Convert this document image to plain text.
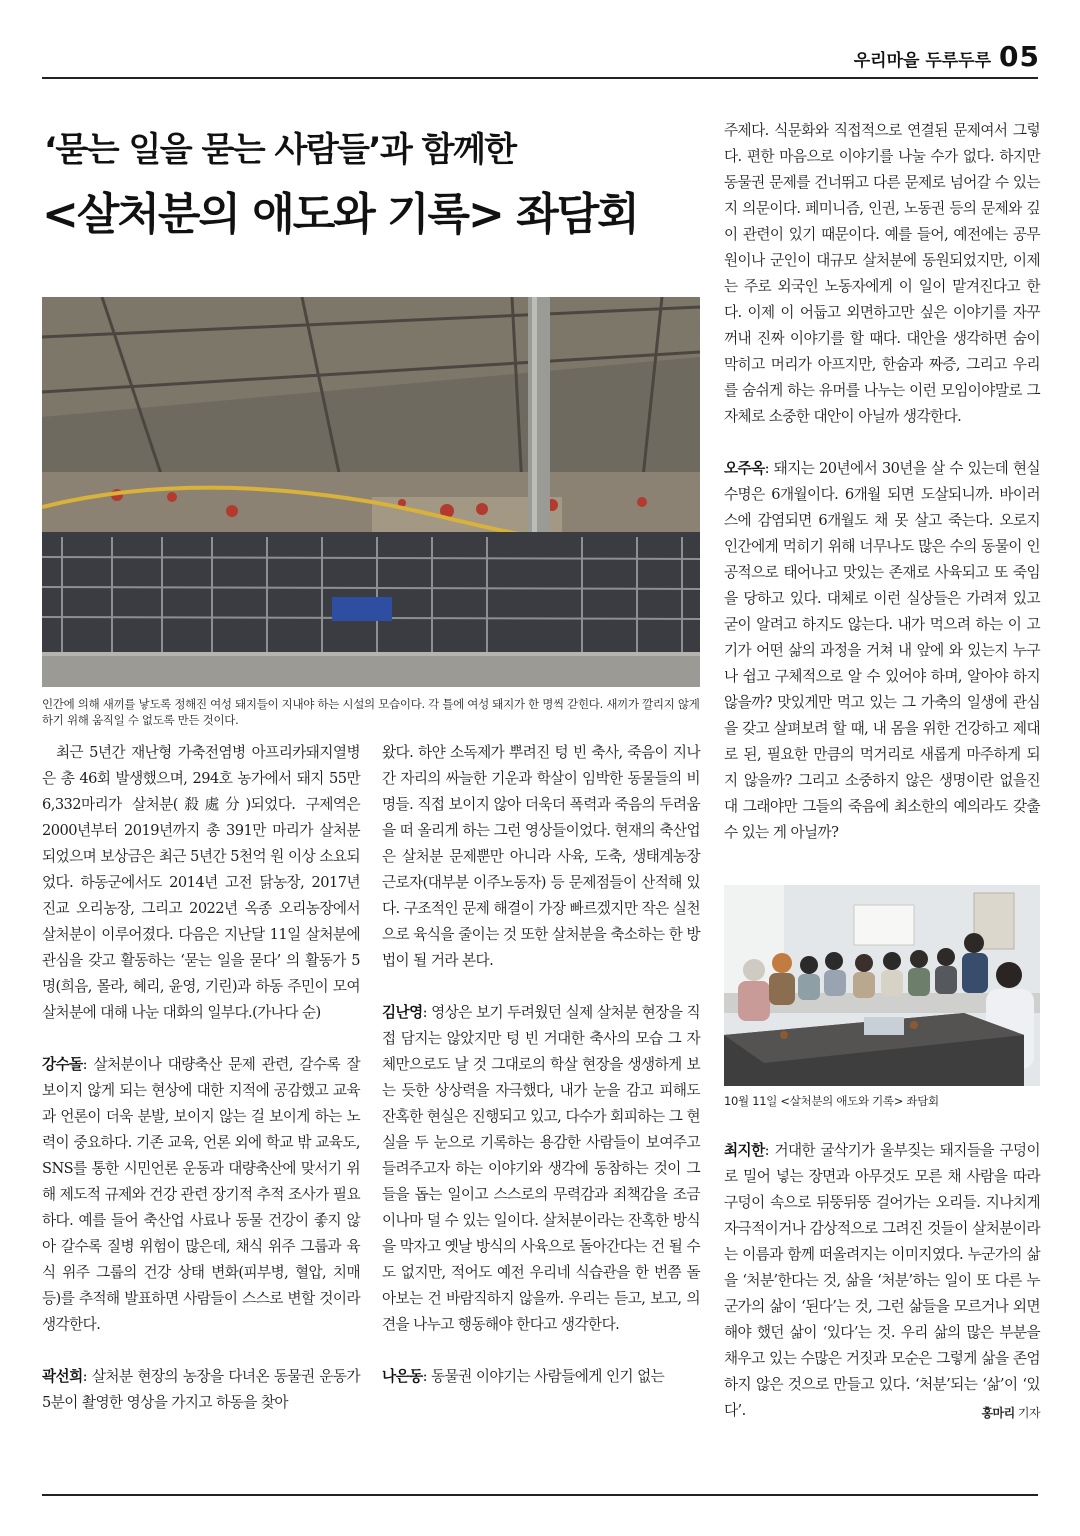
우리마을 두루두루 05
‘묻는 일을 묻는 사람들’과 함께한
<살처분의 애도와 기록> 좌담회
인간에 의해 새끼를 낳도록 정해진 여성 돼지들이 지내야 하는 시설의 모습이다. 각 틀에 여성 돼지가 한 명씩 갇힌다. 새끼가 깔리지 않게 하기 위해 움직일 수 없도록 만든 것이다.

최근 5년간 재난형 가축전염병 아프리카돼지열병은 총 46회 발생했으며, 294호 농가에서 돼지 55만 6,332마리가 살처분(殺處分)되었다. 구제역은 2000년부터 2019년까지 총 391만 마리가 살처분되었으며 보상금은 최근 5년간 5천억 원 이상 소요되었다. 하동군에서도 2014년 고전 닭농장, 2017년 진교 오리농장, 그리고 2022년 옥종 오리농장에서 살처분이 이루어졌다. 다음은 지난달 11일 살처분에 관심을 갖고 활동하는 ‘묻는 일을 묻다’ 의 활동가 5명(희음, 몰라, 혜리, 윤영, 기린)과 하동 주민이 모여 살처분에 대해 나눈 대화의 일부다.(가나다 순)

강수돌: 살처분이나 대량축산 문제 관련, 갈수록 잘 보이지 않게 되는 현상에 대한 지적에 공감했고 교육과 언론이 더욱 분발, 보이지 않는 걸 보이게 하는 노력이 중요하다. 기존 교육, 언론 외에 학교 밖 교육도, SNS를 통한 시민언론 운동과 대량축산에 맞서기 위해 제도적 규제와 건강 관련 장기적 추적 조사가 필요하다. 예를 들어 축산업 사료나 동물 건강이 좋지 않아 갈수록 질병 위험이 많은데, 채식 위주 그룹과 육식 위주 그룹의 건강 상태 변화(피부병, 혈압, 치매 등)를 추적해 발표하면 사람들이 스스로 변할 것이라 생각한다.

곽선희: 살처분 현장의 농장을 다녀온 동물권 운동가 5분이 촬영한 영상을 가지고 하동을 찾아

왔다. 하얀 소독제가 뿌려진 텅 빈 축사, 죽음이 지나간 자리의 싸늘한 기운과 학살이 임박한 동물들의 비명들. 직접 보이지 않아 더욱더 폭력과 죽음의 두려움을 떠 올리게 하는 그런 영상들이었다. 현재의 축산업은 살처분 문제뿐만 아니라 사육, 도축, 생태계농장 근로자(대부분 이주노동자) 등 문제점들이 산적해 있다. 구조적인 문제 해결이 가장 빠르겠지만 작은 실천으로 육식을 줄이는 것 또한 살처분을 축소하는 한 방법이 될 거라 본다.

김난영: 영상은 보기 두려웠던 실제 살처분 현장을 직접 담지는 않았지만 텅 빈 거대한 축사의 모습 그 자체만으로도 날 것 그대로의 학살 현장을 생생하게 보는 듯한 상상력을 자극했다, 내가 눈을 감고 피해도 잔혹한 현실은 진행되고 있고, 다수가 회피하는 그 현실을 두 눈으로 기록하는 용감한 사람들이 보여주고 들려주고자 하는 이야기와 생각에 동참하는 것이 그들을 돕는 일이고 스스로의 무력감과 죄책감을 조금이나마 덜 수 있는 일이다. 살처분이라는 잔혹한 방식을 막자고 옛날 방식의 사육으로 돌아간다는 건 될 수도 없지만, 적어도 예전 우리네 식습관을 한 번쯤 돌아보는 건 바람직하지 않을까. 우리는 듣고, 보고, 의견을 나누고 행동해야 한다고 생각한다.

나은동: 동물권 이야기는 사람들에게 인기 없는

주제다. 식문화와 직접적으로 연결된 문제여서 그렇다. 편한 마음으로 이야기를 나눌 수가 없다. 하지만 동물권 문제를 건너뛰고 다른 문제로 넘어갈 수 있는지 의문이다. 페미니즘, 인권, 노동권 등의 문제와 깊이 관련이 있기 때문이다. 예를 들어, 예전에는 공무원이나 군인이 대규모 살처분에 동원되었지만, 이제는 주로 외국인 노동자에게 이 일이 맡겨진다고 한다. 이제 이 어둡고 외면하고만 싶은 이야기를 자꾸 꺼내 진짜 이야기를 할 때다. 대안을 생각하면 숨이 막히고 머리가 아프지만, 한숨과 짜증, 그리고 우리를 숨쉬게 하는 유머를 나누는 이런 모임이야말로 그 자체로 소중한 대안이 아닐까 생각한다.

오주옥: 돼지는 20년에서 30년을 살 수 있는데 현실 수명은 6개월이다. 6개월 되면 도살되니까. 바이러스에 감염되면 6개월도 채 못 살고 죽는다. 오로지 인간에게 먹히기 위해 너무나도 많은 수의 동물이 인공적으로 태어나고 맛있는 존재로 사육되고 또 죽임을 당하고 있다. 대체로 이런 실상들은 가려져 있고 굳이 알려고 하지도 않는다. 내가 먹으려 하는 이 고기가 어떤 삶의 과정을 거쳐 내 앞에 와 있는지 누구나 쉽고 구체적으로 알 수 있어야 하며, 알아야 하지 않을까? 맛있게만 먹고 있는 그 가축의 일생에 관심을 갖고 살펴보려 할 때, 내 몸을 위한 건강하고 제대로 된, 필요한 만큼의 먹거리로 새롭게 마주하게 되지 않을까? 그리고 소중하지 않은 생명이란 없을진대 그래야만 그들의 죽음에 최소한의 예의라도 갖출 수 있는 게 아닐까?

10월 11일 <살처분의 애도와 기록> 좌담회

최지한: 거대한 굴삭기가 울부짖는 돼지들을 구덩이로 밀어 넣는 장면과 아무것도 모른 채 사람을 따라 구덩이 속으로 뒤뚱뒤뚱 걸어가는 오리들. 지나치게 자극적이거나 감상적으로 그려진 것들이 살처분이라는 이름과 함께 떠올려지는 이미지였다. 누군가의 삶을 ‘처분’한다는 것, 삶을 ‘처분’하는 일이 또 다른 누군가의 삶이 ‘된다’는 것, 그런 삶들을 모르거나 외면해야 했던 삶이 ‘있다’는 것. 우리 삶의 많은 부분을 채우고 있는 수많은 거짓과 모순은 그렇게 삶을 존엄하지 않은 것으로 만들고 있다. ‘처분’되는 ‘삶’이 ‘있다’.	홍마리 기자
